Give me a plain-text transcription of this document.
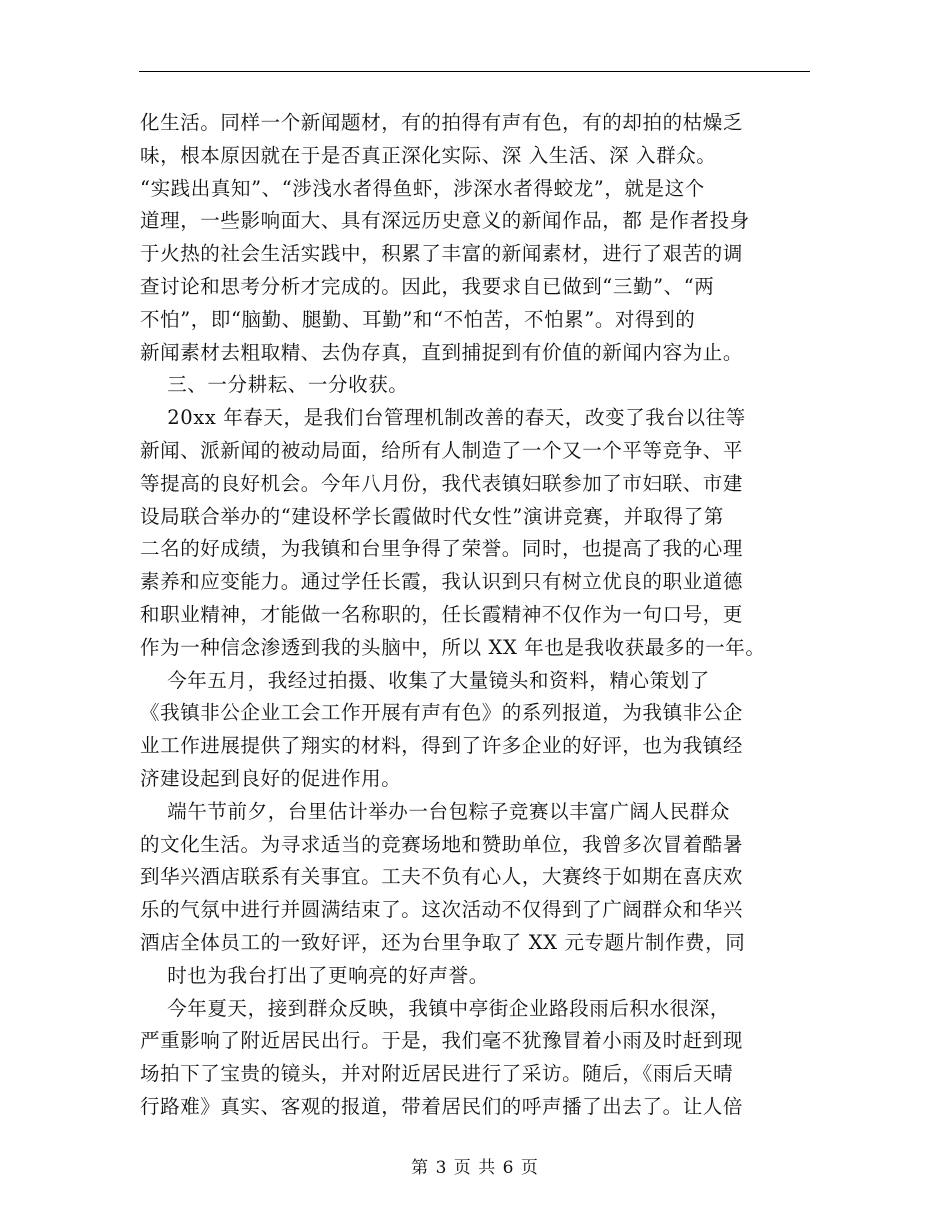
化生活。同样一个新闻题材，有的拍得有声有色，有的却拍的枯燥乏
味，根本原因就在于是否真正深化实际、深 入生活、深 入群众。
“实践出真知”、“涉浅水者得鱼虾，涉深水者得蛟龙”，就是这个
道理，一些影响面大、具有深远历史意义的新闻作品，都 是作者投身
于火热的社会生活实践中，积累了丰富的新闻素材，进行了艰苦的调
查讨论和思考分析才完成的。因此，我要求自已做到“三勤”、“两
不怕”，即“脑勤、腿勤、耳勤”和“不怕苦，不怕累”。对得到的
新闻素材去粗取精、去伪存真，直到捕捉到有价值的新闻内容为止。
三、一分耕耘、一分收获。
20xx 年春天，是我们台管理机制改善的春天，改变了我台以往等
新闻、派新闻的被动局面，给所有人制造了一个又一个平等竞争、平
等提高的良好机会。今年八月份，我代表镇妇联参加了市妇联、市建
设局联合举办的“建设杯学长霞做时代女性”演讲竞赛，并取得了第
二名的好成绩，为我镇和台里争得了荣誉。同时，也提高了我的心理
素养和应变能力。通过学任长霞，我认识到只有树立优良的职业道德
和职业精神，才能做一名称职的，任长霞精神不仅作为一句口号，更
作为一种信念渗透到我的头脑中，所以 XX 年也是我收获最多的一年。
今年五月，我经过拍摄、收集了大量镜头和资料，精心策划了
《我镇非公企业工会工作开展有声有色》的系列报道，为我镇非公企
业工作进展提供了翔实的材料，得到了许多企业的好评，也为我镇经
济建设起到良好的促进作用。
端午节前夕，台里估计举办一台包粽子竞赛以丰富广阔人民群众
的文化生活。为寻求适当的竞赛场地和赞助单位，我曾多次冒着酷暑
到华兴酒店联系有关事宜。工夫不负有心人，大赛终于如期在喜庆欢
乐的气氛中进行并圆满结束了。这次活动不仅得到了广阔群众和华兴
酒店全体员工的一致好评，还为台里争取了 XX 元专题片制作费，同
时也为我台打出了更响亮的好声誉。
今年夏天，接到群众反映，我镇中亭街企业路段雨后积水很深，
严重影响了附近居民出行。于是，我们毫不犹豫冒着小雨及时赶到现
场拍下了宝贵的镜头，并对附近居民进行了采访。随后，《雨后天晴
行路难》真实、客观的报道，带着居民们的呼声播了出去了。让人倍
第 3 页 共 6 页
